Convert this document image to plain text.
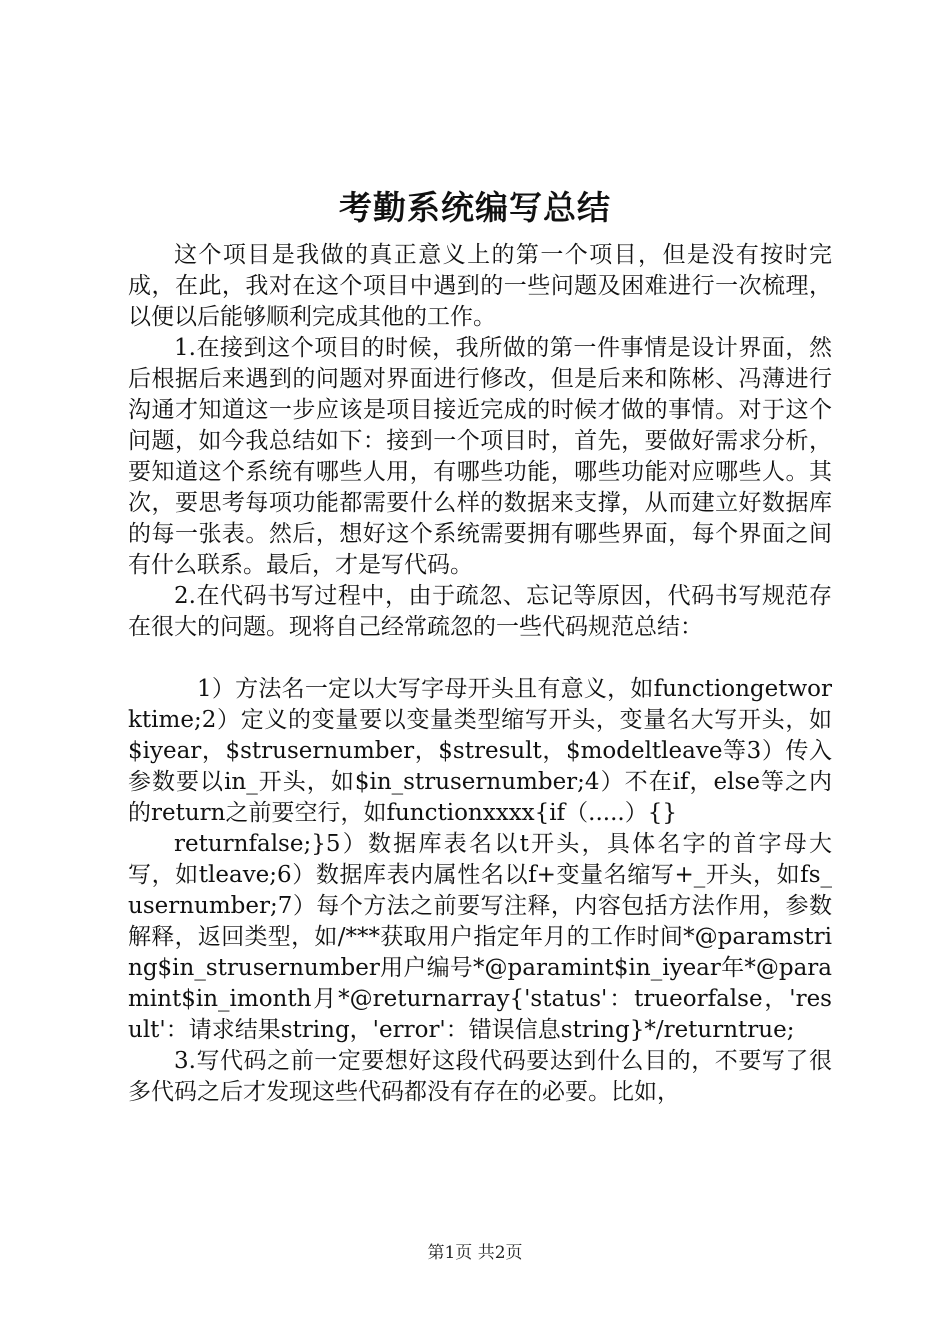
考勤系统编写总结

这个项目是我做的真正意义上的第一个项目，但是没有按时完成，在此，我对在这个项目中遇到的一些问题及困难进行一次梳理，以便以后能够顺利完成其他的工作。

1.在接到这个项目的时候，我所做的第一件事情是设计界面，然后根据后来遇到的问题对界面进行修改，但是后来和陈彬、冯薄进行沟通才知道这一步应该是项目接近完成的时候才做的事情。对于这个问题，如今我总结如下：接到一个项目时，首先，要做好需求分析，要知道这个系统有哪些人用，有哪些功能，哪些功能对应哪些人。其次，要思考每项功能都需要什么样的数据来支撑，从而建立好数据库的每一张表。然后，想好这个系统需要拥有哪些界面，每个界面之间有什么联系。最后，才是写代码。

2.在代码书写过程中，由于疏忽、忘记等原因，代码书写规范存在很大的问题。现将自己经常疏忽的一些代码规范总结：

1）方法名一定以大写字母开头且有意义，如functiongetworktime;2）定义的变量要以变量类型缩写开头，变量名大写开头，如$iyear，$strusernumber，$stresult，$modeltleave等3）传入参数要以in_开头，如$in_strusernumber;4）不在if，else等之内的return之前要空行，如functionxxxx{if（.....）{}

returnfalse;}5）数据库表名以t开头，具体名字的首字母大写，如tleave;6）数据库表内属性名以f+变量名缩写+_开头，如fs_usernumber;7）每个方法之前要写注释，内容包括方法作用，参数解释，返回类型，如/***获取用户指定年月的工作时间*@paramstring$in_strusernumber用户编号*@paramint$in_iyear年*@paramint$in_imonth月*@returnarray{'status'：trueorfalse，'result'：请求结果string，'error'：错误信息string}*/returntrue;

3.写代码之前一定要想好这段代码要达到什么目的，不要写了很多代码之后才发现这些代码都没有存在的必要。比如，

第1页 共2页
